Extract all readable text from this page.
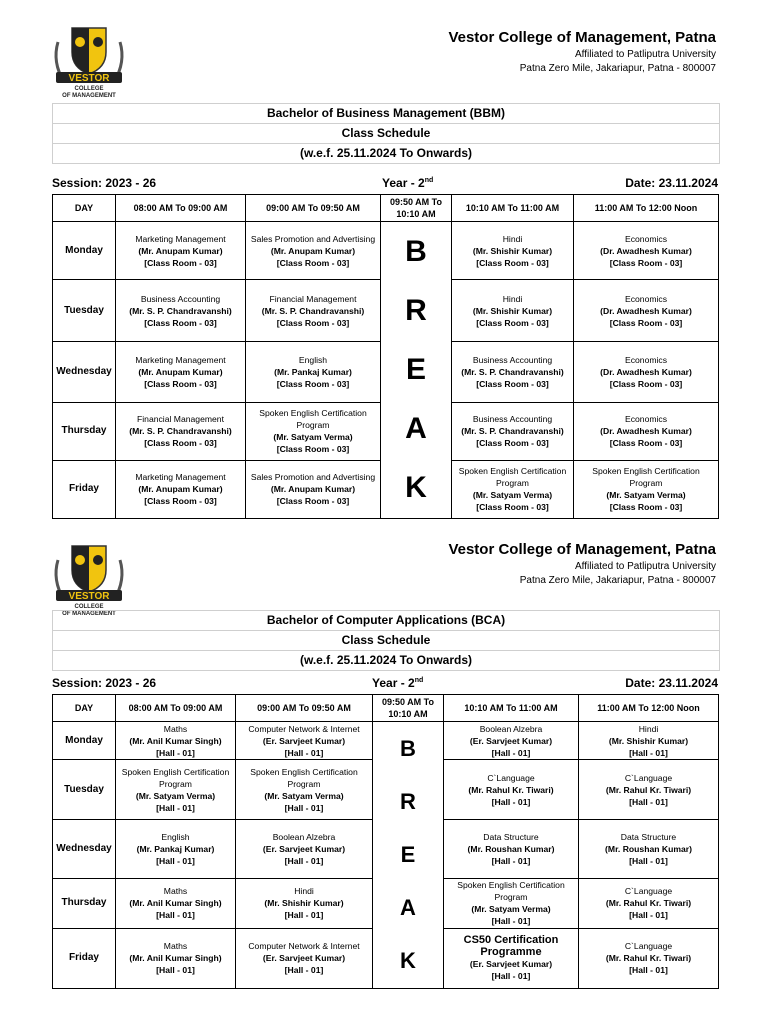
VESTOR
COLLEGE
OF MANAGEMENT
Vestor College of Management, Patna
Affiliated to Patliputra University
Patna Zero Mile, Jakariapur, Patna - 800007
Bachelor of Business Management (BBM)
Class Schedule
(w.e.f. 25.11.2024 To Onwards)
Session: 2023 - 26	Year - 2nd	Date: 23.11.2024
DAY	08:00 AM To 09:00 AM	09:00 AM To 09:50 AM	09:50 AM To 10:10 AM	10:10 AM To 11:00 AM	11:00 AM To 12:00 Noon
Monday	Marketing Management
(Mr. Anupam Kumar)
[Class Room - 03]	Sales Promotion and Advertising
(Mr. Anupam Kumar)
[Class Room - 03]	B
R
E
A
K	Hindi
(Mr. Shishir Kumar)
[Class Room - 03]	Economics
(Dr. Awadhesh Kumar)
[Class Room - 03]

Tuesday	Business Accounting
(Mr. S. P. Chandravanshi)
[Class Room - 03]	Financial Management
(Mr. S. P. Chandravanshi)
[Class Room - 03]		Hindi
(Mr. Shishir Kumar)
[Class Room - 03]	Economics
(Dr. Awadhesh Kumar)
[Class Room - 03]

Wednesday	Marketing Management
(Mr. Anupam Kumar)
[Class Room - 03]	English
(Mr. Pankaj Kumar)
[Class Room - 03]		Business Accounting
(Mr. S. P. Chandravanshi)
[Class Room - 03]	Economics
(Dr. Awadhesh Kumar)
[Class Room - 03]

Thursday	Financial Management
(Mr. S. P. Chandravanshi)
[Class Room - 03]	Spoken English Certification Program
(Mr. Satyam Verma)
[Class Room - 03]		Business Accounting
(Mr. S. P. Chandravanshi)
[Class Room - 03]	Economics
(Dr. Awadhesh Kumar)
[Class Room - 03]

Friday	Marketing Management
(Mr. Anupam Kumar)
[Class Room - 03]	Sales Promotion and Advertising
(Mr. Anupam Kumar)
[Class Room - 03]		Spoken English Certification Program
(Mr. Satyam Verma)
[Class Room - 03]	Spoken English Certification Program
(Mr. Satyam Verma)
[Class Room - 03]
VESTOR
COLLEGE
OF MANAGEMENT
Vestor College of Management, Patna
Affiliated to Patliputra University
Patna Zero Mile, Jakariapur, Patna - 800007
Bachelor of Computer Applications (BCA)
Class Schedule
(w.e.f. 25.11.2024 To Onwards)
Session: 2023 - 26	Year - 2nd	Date: 23.11.2024
DAY	08:00 AM To 09:00 AM	09:00 AM To 09:50 AM	09:50 AM To 10:10 AM	10:10 AM To 11:00 AM	11:00 AM To 12:00 Noon
Monday	Maths
(Mr. Anil Kumar Singh)
[Hall - 01]	Computer Network & Internet
(Er. Sarvjeet Kumar)
[Hall - 01]	B
R
E
A
K	Boolean Alzebra
(Er. Sarvjeet Kumar)
[Hall - 01]	Hindi
(Mr. Shishir Kumar)
[Hall - 01]

Tuesday	Spoken English Certification Program
(Mr. Satyam Verma)
[Hall - 01]	Spoken English Certification Program
(Mr. Satyam Verma)
[Hall - 01]		C`Language
(Mr. Rahul Kr. Tiwari)
[Hall - 01]	C`Language
(Mr. Rahul Kr. Tiwari)
[Hall - 01]

Wednesday	English
(Mr. Pankaj Kumar)
[Hall - 01]	Boolean Alzebra
(Er. Sarvjeet Kumar)
[Hall - 01]		Data Structure
(Mr. Roushan Kumar)
[Hall - 01]	Data Structure
(Mr. Roushan Kumar)
[Hall - 01]

Thursday	Maths
(Mr. Anil Kumar Singh)
[Hall - 01]	Hindi
(Mr. Shishir Kumar)
[Hall - 01]		Spoken English Certification Program
(Mr. Satyam Verma)
[Hall - 01]	C`Language
(Mr. Rahul Kr. Tiwari)
[Hall - 01]

Friday	Maths
(Mr. Anil Kumar Singh)
[Hall - 01]	Computer Network & Internet
(Er. Sarvjeet Kumar)
[Hall - 01]		CS50 Certification Programme
(Er. Sarvjeet Kumar)
[Hall - 01]	C`Language
(Mr. Rahul Kr. Tiwari)
[Hall - 01]
